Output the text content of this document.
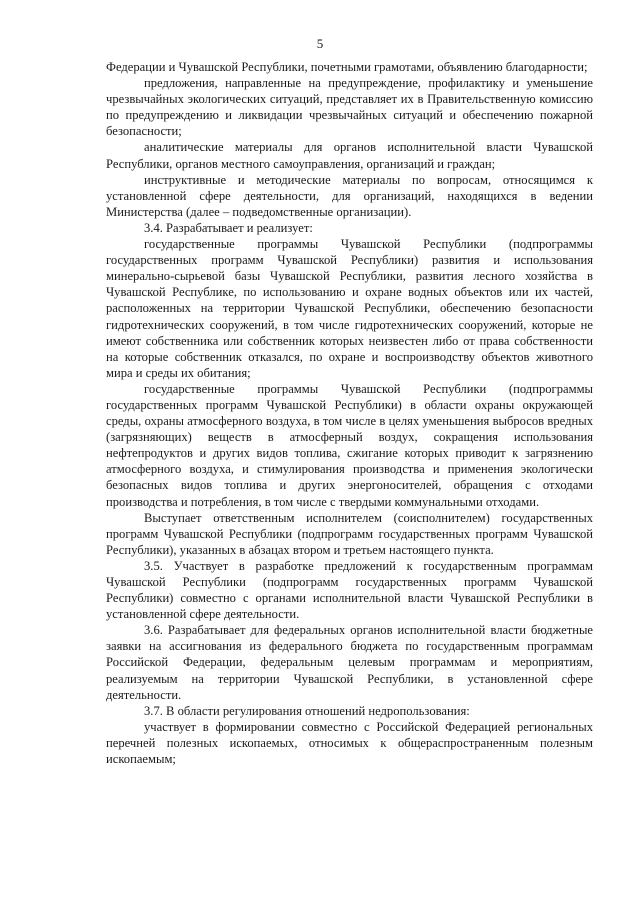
5

Федерации и Чувашской Республики, почетными грамотами, объявлению благодарности;

предложения, направленные на предупреждение, профилактику и уменьшение чрезвычайных экологических ситуаций, представляет их в Правительственную комиссию по предупреждению и ликвидации чрезвычайных ситуаций и обеспечению пожарной безопасности;

аналитические материалы для органов исполнительной власти Чувашской Республики, органов местного самоуправления, организаций и граждан;

инструктивные и методические материалы по вопросам, относящимся к установленной сфере деятельности, для организаций, находящихся в ведении Министерства (далее – подведомственные организации).

3.4. Разрабатывает и реализует:

государственные программы Чувашской Республики (подпрограммы государственных программ Чувашской Республики) развития и использования минерально-сырьевой базы Чувашской Республики, развития лесного хозяйства в Чувашской Республике, по использованию и охране водных объектов или их частей, расположенных на территории Чувашской Республики, обеспечению безопасности гидротехнических сооружений, в том числе гидротехнических сооружений, которые не имеют собственника или собственник которых неизвестен либо от права собственности на которые собственник отказался, по охране и воспроизводству объектов животного мира и среды их обитания;

государственные программы Чувашской Республики (подпрограммы государственных программ Чувашской Республики) в области охраны окружающей среды, охраны атмосферного воздуха, в том числе в целях уменьшения выбросов вредных (загрязняющих) веществ в атмосферный воздух, сокращения использования нефтепродуктов и других видов топлива, сжигание которых приводит к загрязнению атмосферного воздуха, и стимулирования производства и применения экологически безопасных видов топлива и других энергоносителей, обращения с отходами производства и потребления, в том числе с твердыми коммунальными отходами.

Выступает ответственным исполнителем (соисполнителем) государственных программ Чувашской Республики (подпрограмм государственных программ Чувашской Республики), указанных в абзацах втором и третьем настоящего пункта.

3.5. Участвует в разработке предложений к государственным программам Чувашской Республики (подпрограмм государственных программ Чувашской Республики) совместно с органами исполнительной власти Чувашской Республики в установленной сфере деятельности.

3.6. Разрабатывает для федеральных органов исполнительной власти бюджетные заявки на ассигнования из федерального бюджета по государственным программам Российской Федерации, федеральным целевым программам и мероприятиям, реализуемым на территории Чувашской Республики, в установленной сфере деятельности.

3.7. В области регулирования отношений недропользования:

участвует в формировании совместно с Российской Федерацией региональных перечней полезных ископаемых, относимых к общераспространенным полезным ископаемым;
